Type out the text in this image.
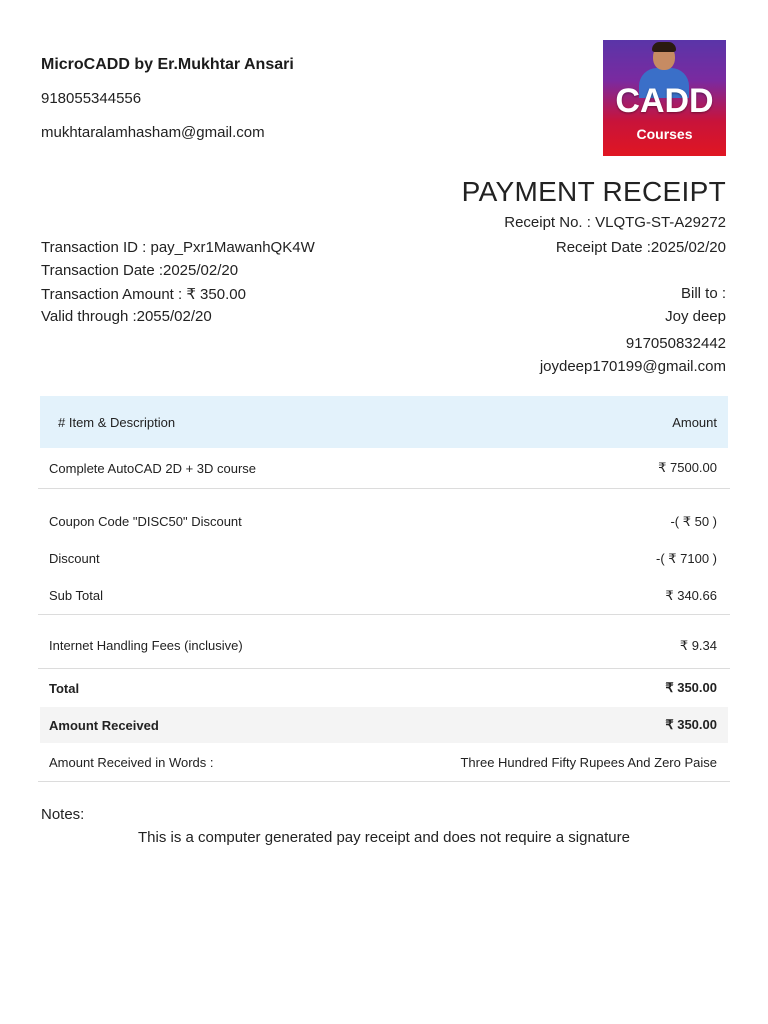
MicroCADD by Er.Mukhtar Ansari
918055344556
mukhtaralamhasham@gmail.com
CADD
Courses
PAYMENT RECEIPT
Receipt No. : VLQTG-ST-A29272
Receipt Date :2025/02/20
Transaction ID : pay_Pxr1MawanhQK4W
Transaction Date :2025/02/20
Transaction Amount : ₹ 350.00
Valid through :2055/02/20
Bill to :
Joy deep
917050832442
joydeep170199@gmail.com
# Item & Description	Amount
Complete AutoCAD 2D + 3D course	₹ 7500.00
Coupon Code "DISC50" Discount	-( ₹ 50 )
Discount	-( ₹ 7100 )
Sub Total	₹ 340.66
Internet Handling Fees (inclusive)	₹ 9.34
Total	₹ 350.00
Amount Received	₹ 350.00
Amount Received in Words :	Three Hundred Fifty Rupees And Zero Paise
Notes:
This is a computer generated pay receipt and does not require a signature
